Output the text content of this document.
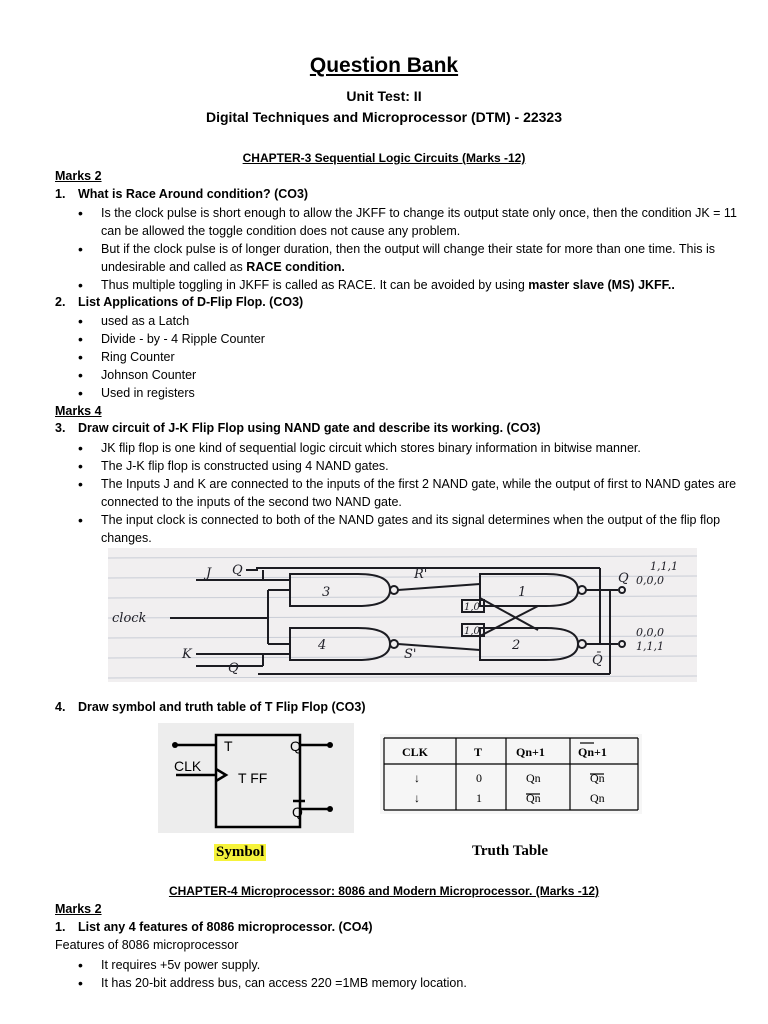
Question Bank
Unit Test: II
Digital Techniques and Microprocessor (DTM) - 22323
CHAPTER-3 Sequential Logic Circuits (Marks -12)
Marks 2
1. What is Race Around condition? (CO3)
• Is the clock pulse is short enough to allow the JKFF to change its output state only once, then the condition JK = 11 can be allowed the toggle condition does not cause any problem.
• But if the clock pulse is of longer duration, then the output will change their state for more than one time. This is undesirable and called as RACE condition.
• Thus multiple toggling in JKFF is called as RACE. It can be avoided by using master slave (MS) JKFF..
2. List Applications of D-Flip Flop. (CO3)
• used as a Latch
• Divide - by - 4 Ripple Counter
• Ring Counter
• Johnson Counter
• Used in registers
Marks 4
3. Draw circuit of J-K Flip Flop using NAND gate and describe its working. (CO3)
• JK flip flop is one kind of sequential logic circuit which stores binary information in bitwise manner.
• The J-K flip flop is constructed using 4 NAND gates.
• The Inputs J and K are connected to the inputs of the first 2 NAND gate, while the output of first to NAND gates are connected to the inputs of the second two NAND gate.
• The input clock is connected to both of the NAND gates and its signal determines when the output of the flip flop changes.
J Q
K
Q
clock
3
4
1
2
R'
S'
1,0
1,0
Q
Q̄
1,1,1
0,0,0
0,0,0
1,1,1
4. Draw symbol and truth table of T Flip Flop (CO3)
T	Q
Q
CLK
T FF
CLK	T	Qn+1	Qn+1
↓	0	Qn	Qn
↓	1	Qn	Qn
Symbol	Truth Table
CHAPTER-4 Microprocessor: 8086 and Modern Microprocessor. (Marks -12)
Marks 2
1. List any 4 features of 8086 microprocessor. (CO4)
Features of 8086 microprocessor
• It requires +5v power supply.
• It has 20-bit address bus, can access 220 =1MB memory location.
